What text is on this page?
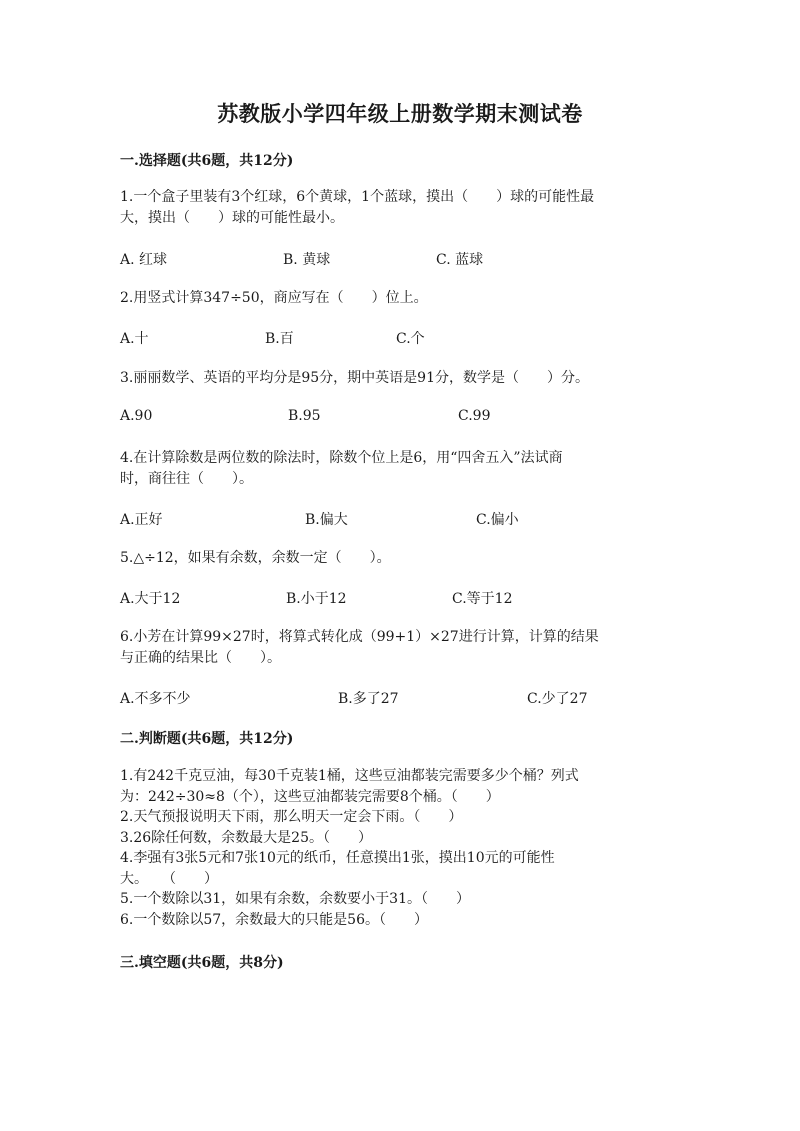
苏教版小学四年级上册数学期末测试卷
一.选择题(共6题，共12分)
1.一个盒子里装有3个红球，6个黄球，1个蓝球，摸出（　　）球的可能性最
大，摸出（　　）球的可能性最小。
A. 红球	B. 黄球	C. 蓝球
2.用竖式计算347÷50，商应写在（　　）位上。
A.十	B.百	C.个
3.丽丽数学、英语的平均分是95分，期中英语是91分，数学是（　　）分。
A.90	B.95	C.99
4.在计算除数是两位数的除法时，除数个位上是6，用“四舍五入”法试商
时，商往往（　　）。
A.正好	B.偏大	C.偏小
5.△÷12，如果有余数，余数一定（　　）。
A.大于12	B.小于12	C.等于12
6.小芳在计算99×27时，将算式转化成（99+1）×27进行计算，计算的结果
与正确的结果比（　　）。
A.不多不少	B.多了27	C.少了27
二.判断题(共6题，共12分)
1.有242千克豆油，每30千克装1桶，这些豆油都装完需要多少个桶？列式
为：242÷30≈8（个），这些豆油都装完需要8个桶。（　　）
2.天气预报说明天下雨，那么明天一定会下雨。（　　）
3.26除任何数，余数最大是25。（　　）
4.李强有3张5元和7张10元的纸币，任意摸出1张，摸出10元的可能性
大。　　（　　）
5.一个数除以31，如果有余数，余数要小于31。（　　）
6.一个数除以57，余数最大的只能是56。（　　）
三.填空题(共6题，共8分)
